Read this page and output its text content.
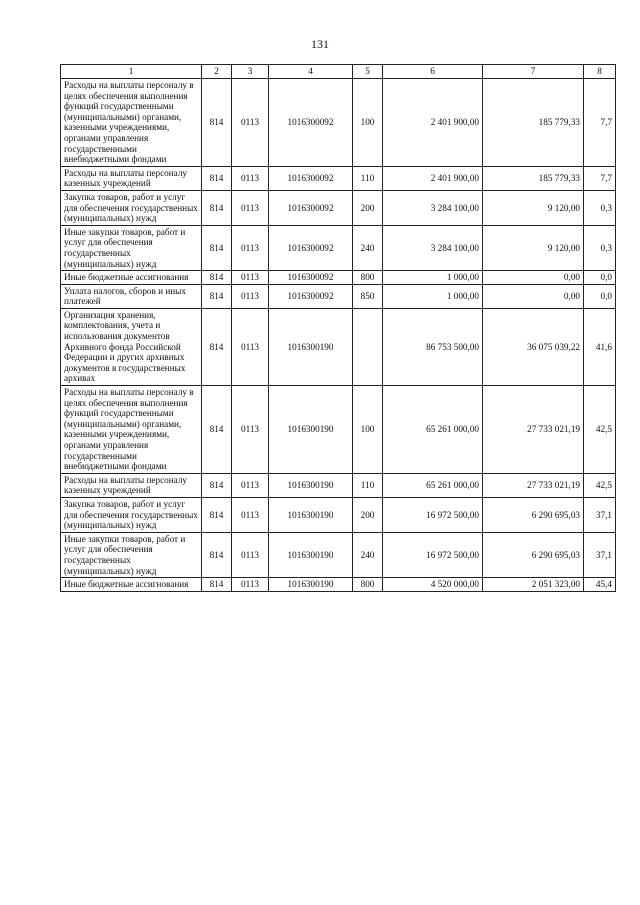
131
1	2	3	4	5	6	7	8
Расходы на выплаты персоналу в целях обеспечения выполнения функций государственными (муниципальными) органами, казенными учреждениями, органами управления государственными внебюджетными фондами	814	0113	1016300092	100	2 401 900,00	185 779,33	7,7
Расходы на выплаты персоналу казенных учреждений	814	0113	1016300092	110	2 401 900,00	185 779,33	7,7
Закупка товаров, работ и услуг для обеспечения государственных (муниципальных) нужд	814	0113	1016300092	200	3 284 100,00	9 120,00	0,3
Иные закупки товаров, работ и услуг для обеспечения государственных (муниципальных) нужд	814	0113	1016300092	240	3 284 100,00	9 120,00	0,3
Иные бюджетные ассигнования	814	0113	1016300092	800	1 000,00	0,00	0,0
Уплата налогов, сборов и иных платежей	814	0113	1016300092	850	1 000,00	0,00	0,0
Организация хранения, комплектования, учета и использования документов Архивного фонда Российской Федерации и других архивных документов в государственных архивах	814	0113	1016300190		86 753 500,00	36 075 039,22	41,6
Расходы на выплаты персоналу в целях обеспечения выполнения функций государственными (муниципальными) органами, казенными учреждениями, органами управления государственными внебюджетными фондами	814	0113	1016300190	100	65 261 000,00	27 733 021,19	42,5
Расходы на выплаты персоналу казенных учреждений	814	0113	1016300190	110	65 261 000,00	27 733 021,19	42,5
Закупка товаров, работ и услуг для обеспечения государственных (муниципальных) нужд	814	0113	1016300190	200	16 972 500,00	6 290 695,03	37,1
Иные закупки товаров, работ и услуг для обеспечения государственных (муниципальных) нужд	814	0113	1016300190	240	16 972 500,00	6 290 695,03	37,1
Иные бюджетные ассигнования	814	0113	1016300190	800	4 520 000,00	2 051 323,00	45,4
